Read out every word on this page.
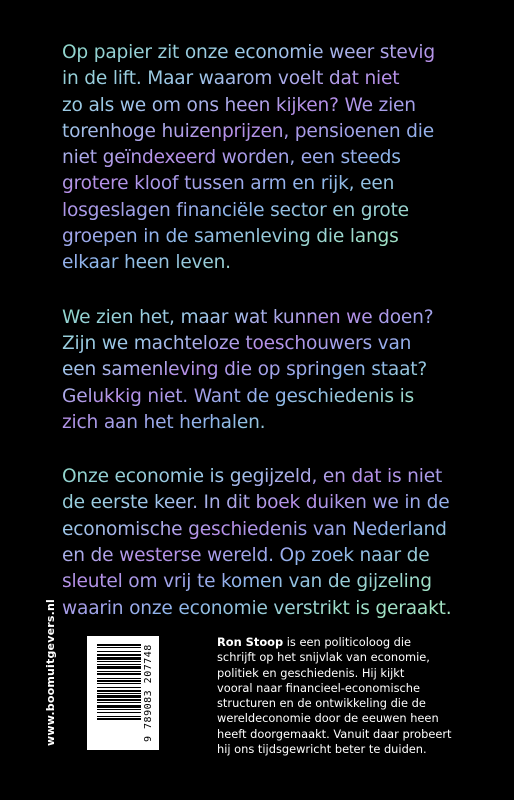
Op papier zit onze economie weer stevig
in de lift. Maar waarom voelt dat niet
zo als we om ons heen kijken? We zien
torenhoge huizenprijzen, pensioenen die
niet geïndexeerd worden, een steeds
grotere kloof tussen arm en rijk, een
losgeslagen financiële sector en grote
groepen in de samenleving die langs
elkaar heen leven.

We zien het, maar wat kunnen we doen?
Zijn we machteloze toeschouwers van
een samenleving die op springen staat?
Gelukkig niet. Want de geschiedenis is
zich aan het herhalen.

Onze economie is gegijzeld, en dat is niet
de eerste keer. In dit boek duiken we in de
economische geschiedenis van Nederland
en de westerse wereld. Op zoek naar de
sleutel om vrij te komen van de gijzeling
waarin onze economie verstrikt is geraakt.

www.boomuitgevers.nl	9 789083 207748
Ron Stoop is een politicoloog die
schrijft op het snijvlak van economie,
politiek en geschiedenis. Hij kijkt
vooral naar financieel-economische
structuren en de ontwikkeling die de
wereldeconomie door de eeuwen heen
heeft doorgemaakt. Vanuit daar probeert
hij ons tijdsgewricht beter te duiden.
